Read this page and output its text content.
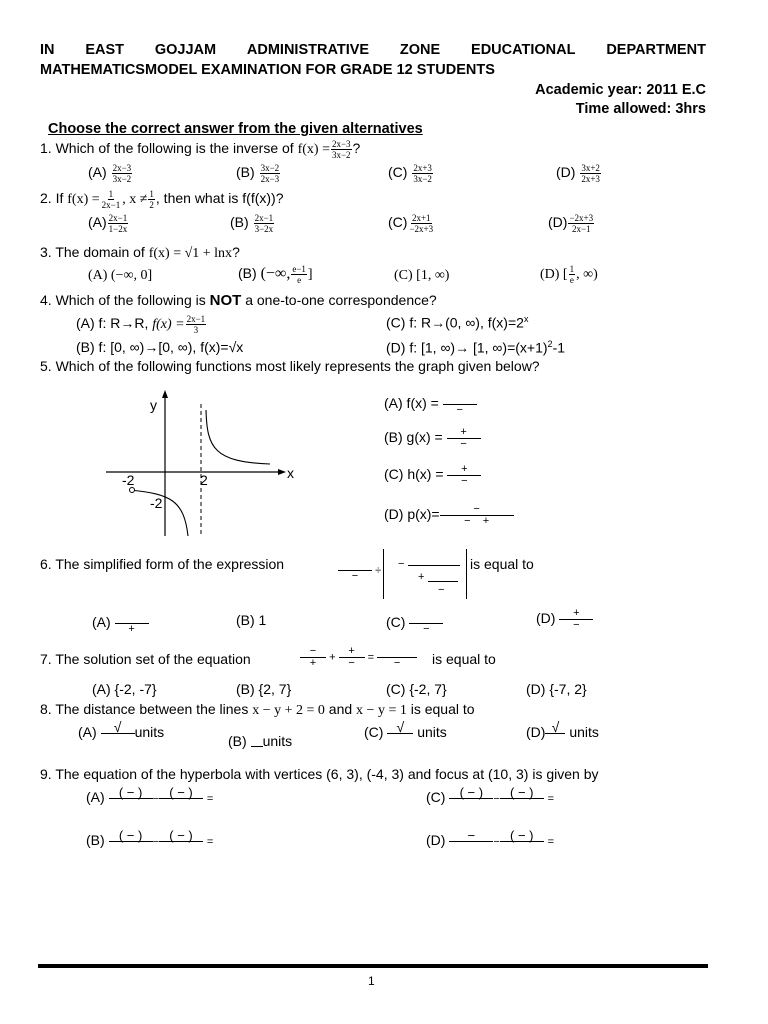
IN EAST GOJJAM ADMINISTRATIVE ZONE EDUCATIONAL DEPARTMENT
MATHEMATICSMODEL EXAMINATION FOR GRADE 12 STUDENTS
Academic year: 2011 E.C
Time allowed: 3hrs
Choose the correct answer from the given alternatives
1. Which of the following is the inverse of $f(x) = \frac{2x-3}{3x-2}$ ?
$(A) \frac{2x-3}{3x-2}$	$(B) \frac{3x-2}{2x-3}$	$(C) \frac{2x+3}{3x-2}$	$(D) \frac{3x+2}{2x+3}$
2. If $f(x) = \frac{1}{2x-1}$ , $x \ne \frac{1}{2}$ , then what is f(f(x))?
$(A) \frac{2x-1}{1-2x}$	$(B) \frac{2x-1}{3-2x}$	$(C) \frac{2x+1}{-2x+3}$	$(D) \frac{-2x+3}{2x-1}$
3. The domain of f(x) = √1 + lnx?
(A) (−∞, 0]	(B) (−∞, $\frac{e-1}{e}$ ]	(C) [1, ∞)	(D) [ $\frac{1}{e}$ , ∞)
4. Which of the following is NOT a one-to-one correspondence?
(A) f: R→R, $f(x) = \frac{2x-1}{3}$	(C) f: R→(0, ∞), $f(x)=2^x$
(B) f: [0, ∞)→[0, ∞), f(x)=√x	(D) f: [1, ∞)→ [1, $\infty)=(x+1)^2-1$
5. Which of the following functions most likely represents the graph given below?
y
x
-2	2
-2
(A) f(x) =
−
(B) g(x) =	+
−
(C) h(x) =	+
−
(D) p(x)=	−
−    +
6. The simplified form of the expression

− ÷
−
+
−
is equal to
(A)
+
(B) 1	(C)
−
(D)	+
−
7. The solution set of the equation	−
+ +
+
− =
− is equal to
(A) {-2, -7}	(B) {2, 7}	(C) {-2, 7}	(D) {-7, 2}
8. The distance between the lines x − y + 2 = 0 and x − y = 1 is equal to
(A)	√
units
(B) units
(C) √
units	(D) √
units
9. The equation of the hyperbola with vertices (6, 3), (-4, 3) and focus at (10, 3) is given by
(A)	( − )
− ( − )
	=	(C)	( − )
− ( − )
	=
(B)	( − )
− ( − )
	=	(D)	−
	− ( − )
	=
1
